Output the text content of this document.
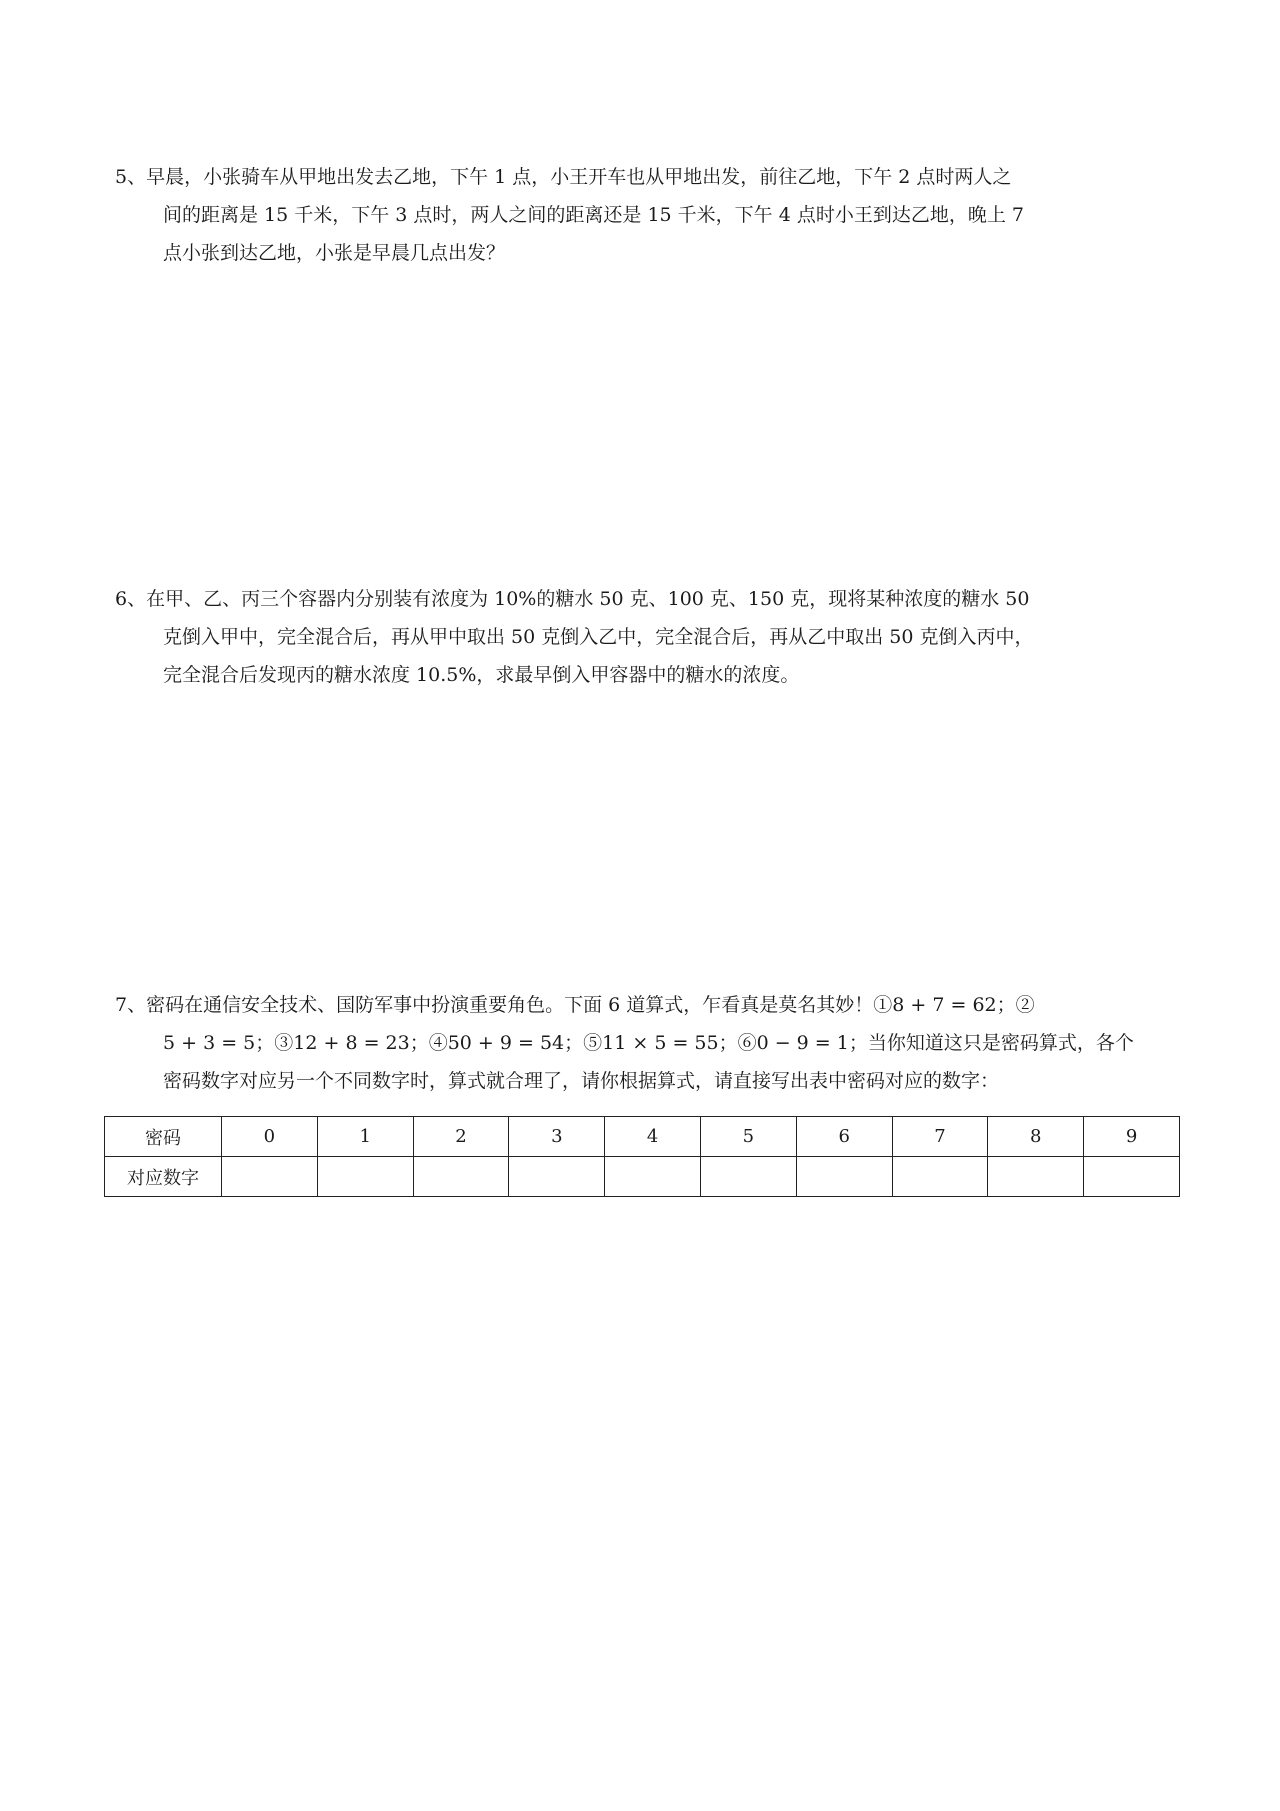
5、早晨，小张骑车从甲地出发去乙地，下午 1 点，小王开车也从甲地出发，前往乙地，下午 2 点时两人之
间的距离是 15 千米，下午 3 点时，两人之间的距离还是 15 千米，下午 4 点时小王到达乙地，晚上 7
点小张到达乙地，小张是早晨几点出发？
6、在甲、乙、丙三个容器内分别装有浓度为 10%的糖水 50 克、100 克、150 克，现将某种浓度的糖水 50
克倒入甲中，完全混合后，再从甲中取出 50 克倒入乙中，完全混合后，再从乙中取出 50 克倒入丙中，
完全混合后发现丙的糖水浓度 10.5%，求最早倒入甲容器中的糖水的浓度。
7、密码在通信安全技术、国防军事中扮演重要角色。下面 6 道算式，乍看真是莫名其妙！①8 + 7 = 62；②
5 + 3 = 5；③12 + 8 = 23；④50 + 9 = 54；⑤11 × 5 = 55；⑥0 − 9 = 1；当你知道这只是密码算式，各个
密码数字对应另一个不同数字时，算式就合理了，请你根据算式，请直接写出表中密码对应的数字：
密码	0	1	2	3	4	5	6	7	8	9
对应数字										
